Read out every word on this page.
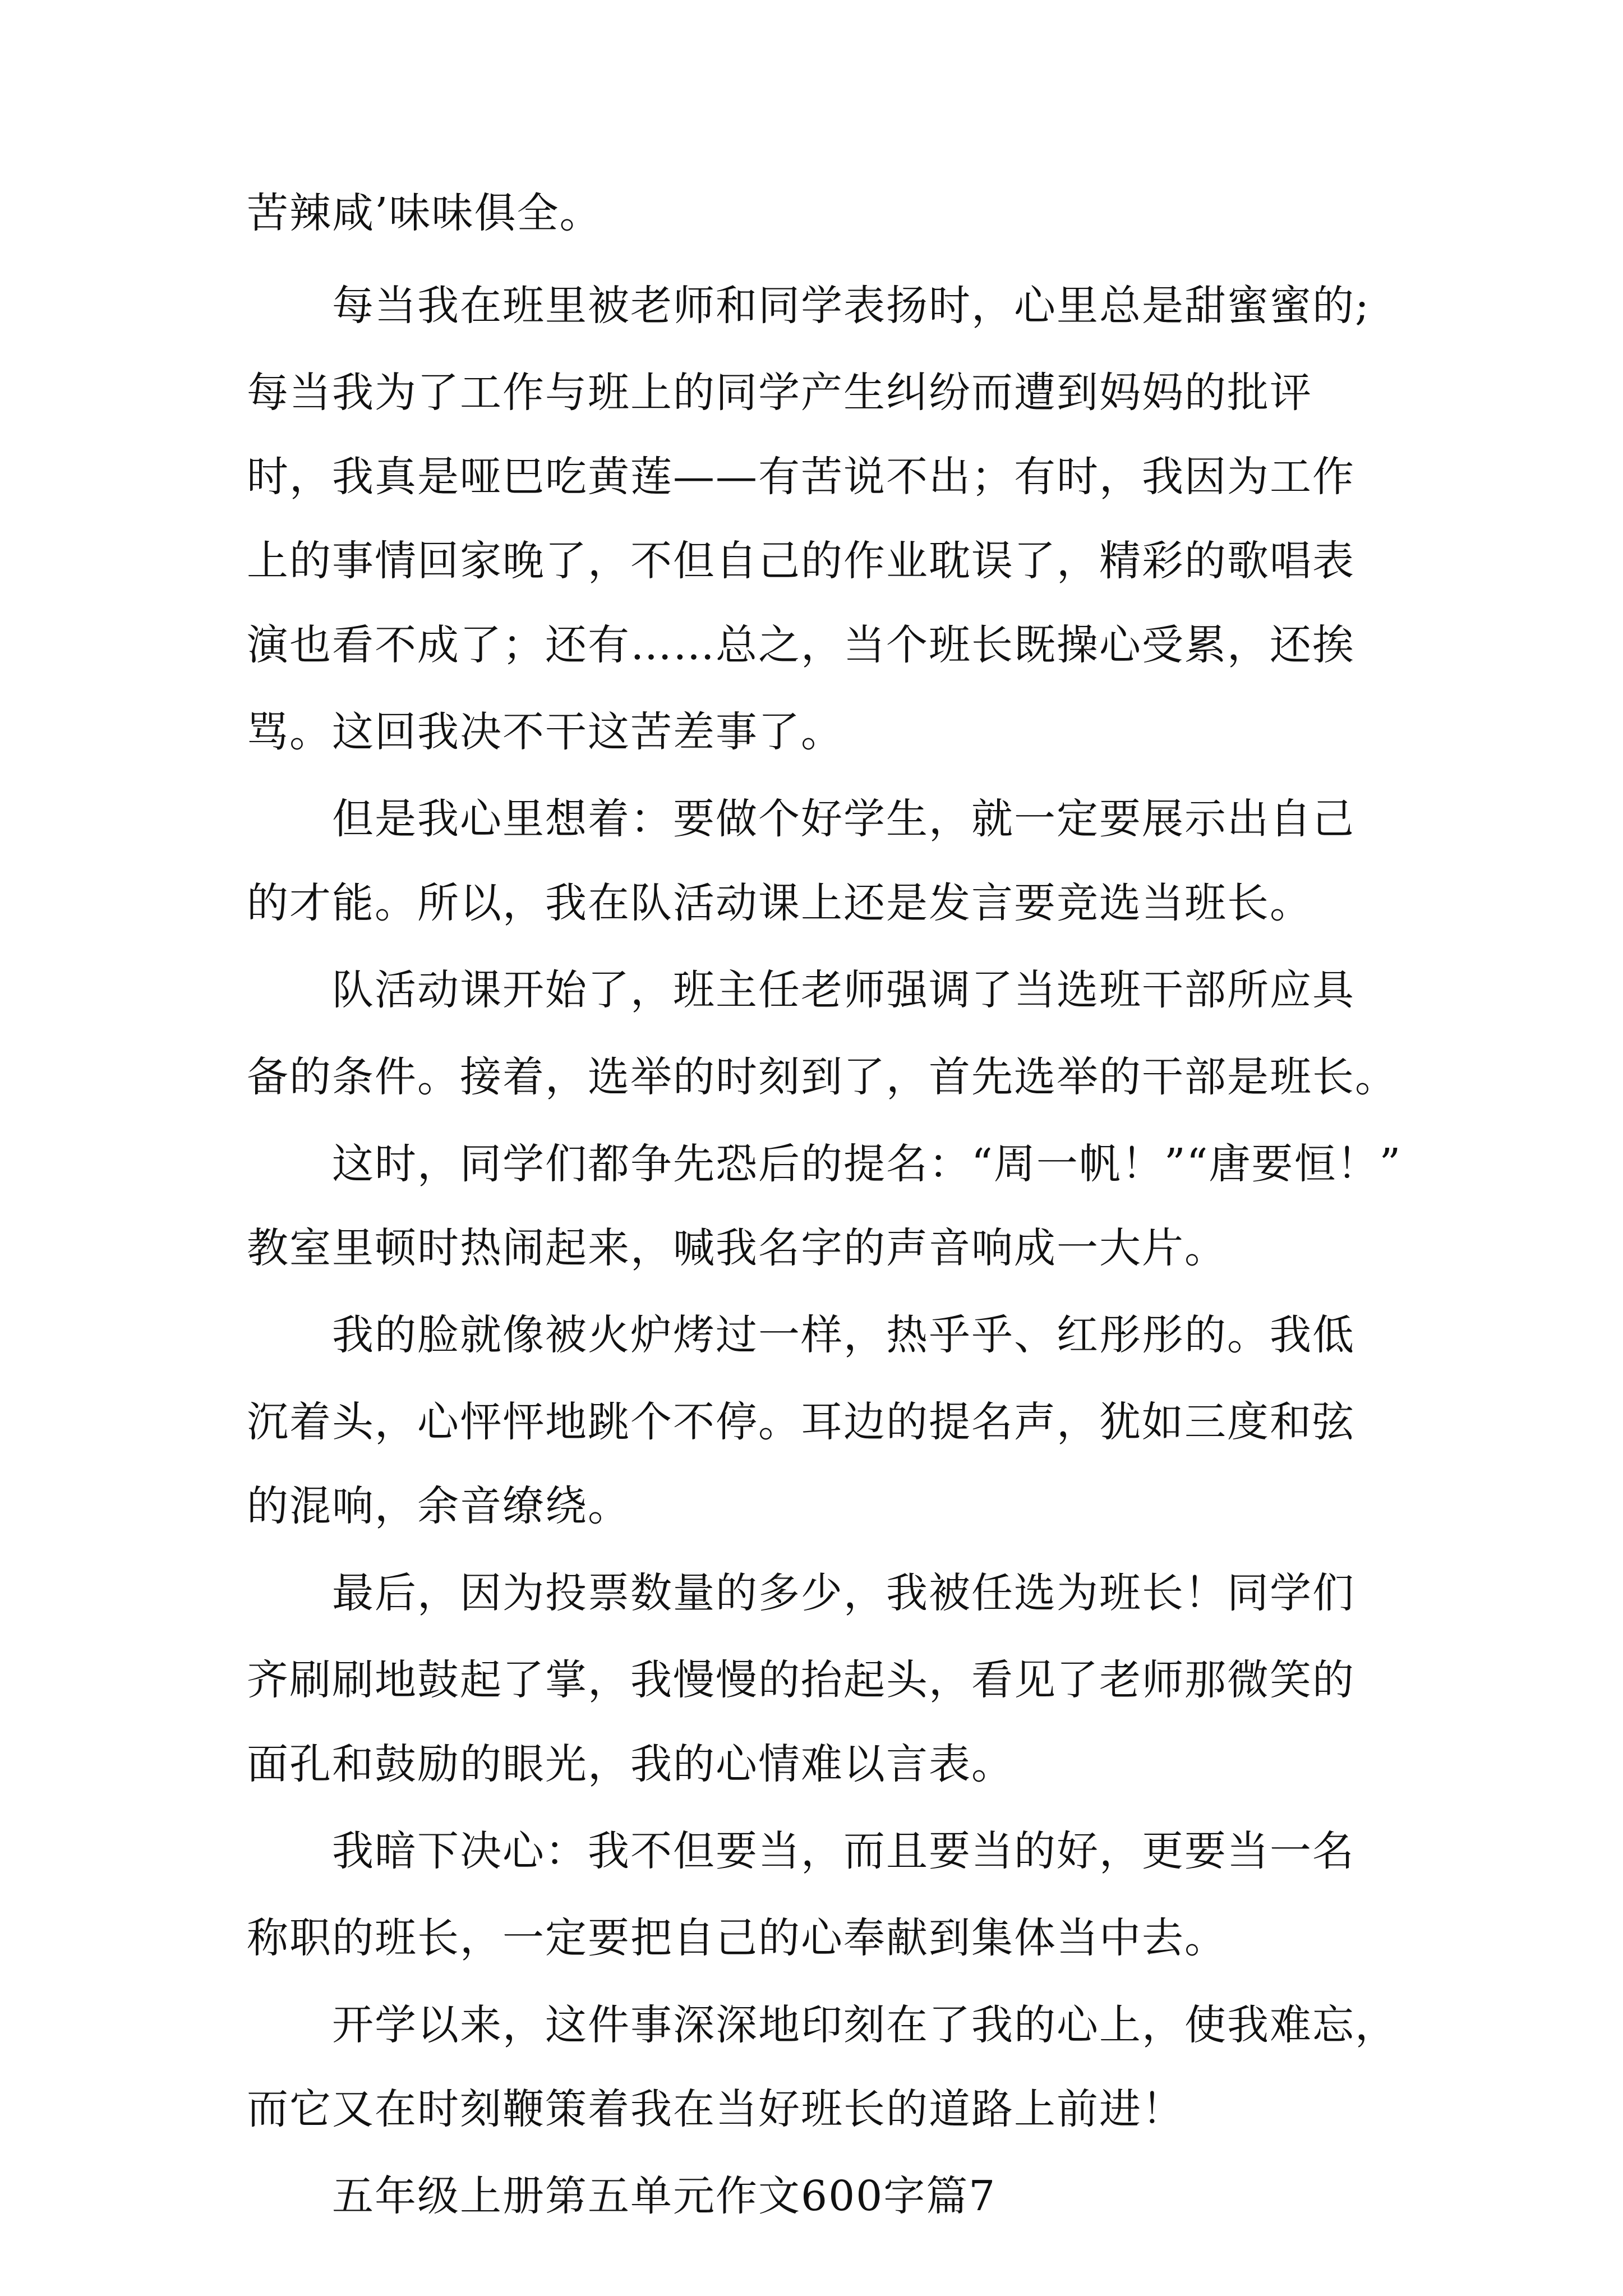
苦辣咸’味味俱全。
每当我在班里被老师和同学表扬时，心里总是甜蜜蜜的;
每当我为了工作与班上的同学产生纠纷而遭到妈妈的批评
时，我真是哑巴吃黄莲——有苦说不出；有时，我因为工作
上的事情回家晚了，不但自己的作业耽误了，精彩的歌唱表
演也看不成了；还有……总之，当个班长既操心受累，还挨
骂。这回我决不干这苦差事了。
但是我心里想着：要做个好学生，就一定要展示出自己
的才能。所以，我在队活动课上还是发言要竞选当班长。
队活动课开始了，班主任老师强调了当选班干部所应具
备的条件。接着，选举的时刻到了，首先选举的干部是班长。
这时，同学们都争先恐后的提名：“周一帆！”“唐要恒！”
教室里顿时热闹起来，喊我名字的声音响成一大片。
我的脸就像被火炉烤过一样，热乎乎、红彤彤的。我低
沉着头，心怦怦地跳个不停。耳边的提名声，犹如三度和弦
的混响，余音缭绕。
最后，因为投票数量的多少，我被任选为班长！同学们
齐刷刷地鼓起了掌，我慢慢的抬起头，看见了老师那微笑的
面孔和鼓励的眼光，我的心情难以言表。
我暗下决心：我不但要当，而且要当的好，更要当一名
称职的班长，一定要把自己的心奉献到集体当中去。
开学以来，这件事深深地印刻在了我的心上，使我难忘，
而它又在时刻鞭策着我在当好班长的道路上前进！
五年级上册第五单元作文600字篇7
